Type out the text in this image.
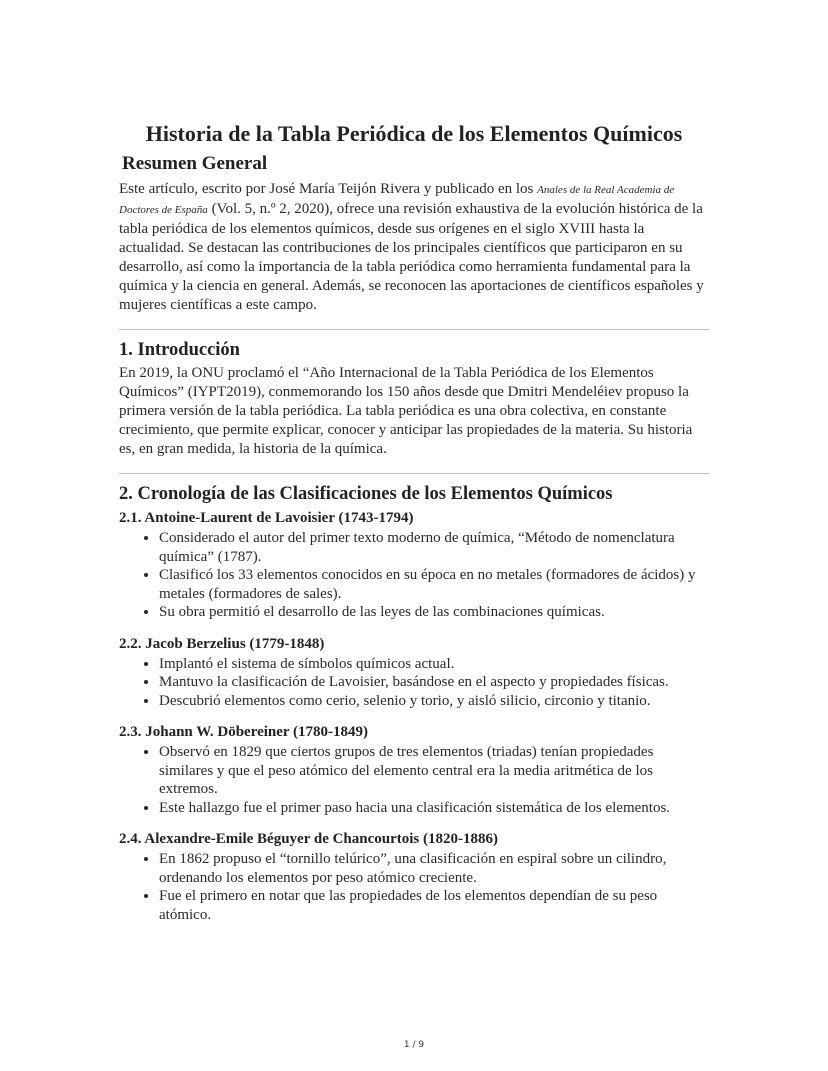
Historia de la Tabla Periódica de los Elementos Químicos
Resumen General

Este artículo, escrito por José María Teijón Rivera y publicado en los Anales de la Real Academia de Doctores de España (Vol. 5, n.º 2, 2020), ofrece una revisión exhaustiva de la evolución histórica de la tabla periódica de los elementos químicos, desde sus orígenes en el siglo XVIII hasta la actualidad. Se destacan las contribuciones de los principales científicos que participaron en su desarrollo, así como la importancia de la tabla periódica como herramienta fundamental para la química y la ciencia en general. Además, se reconocen las aportaciones de científicos españoles y mujeres científicas a este campo.

1. Introducción

En 2019, la ONU proclamó el “Año Internacional de la Tabla Periódica de los Elementos Químicos” (IYPT2019), conmemorando los 150 años desde que Dmitri Mendeléiev propuso la primera versión de la tabla periódica. La tabla periódica es una obra colectiva, en constante crecimiento, que permite explicar, conocer y anticipar las propiedades de la materia. Su historia es, en gran medida, la historia de la química.

2. Cronología de las Clasificaciones de los Elementos Químicos
2.1. Antoine-Laurent de Lavoisier (1743-1794)
• Considerado el autor del primer texto moderno de química, “Método de nomenclatura química” (1787).
• Clasificó los 33 elementos conocidos en su época en no metales (formadores de ácidos) y metales (formadores de sales).
• Su obra permitió el desarrollo de las leyes de las combinaciones químicas.
2.2. Jacob Berzelius (1779-1848)
• Implantó el sistema de símbolos químicos actual.
• Mantuvo la clasificación de Lavoisier, basándose en el aspecto y propiedades físicas.
• Descubrió elementos como cerio, selenio y torio, y aisló silicio, circonio y titanio.
2.3. Johann W. Döbereiner (1780-1849)
• Observó en 1829 que ciertos grupos de tres elementos (triadas) tenían propiedades similares y que el peso atómico del elemento central era la media aritmética de los extremos.
• Este hallazgo fue el primer paso hacia una clasificación sistemática de los elementos.
2.4. Alexandre-Emile Béguyer de Chancourtois (1820-1886)
• En 1862 propuso el “tornillo telúrico”, una clasificación en espiral sobre un cilindro, ordenando los elementos por peso atómico creciente.
• Fue el primero en notar que las propiedades de los elementos dependían de su peso atómico.
1 / 9
